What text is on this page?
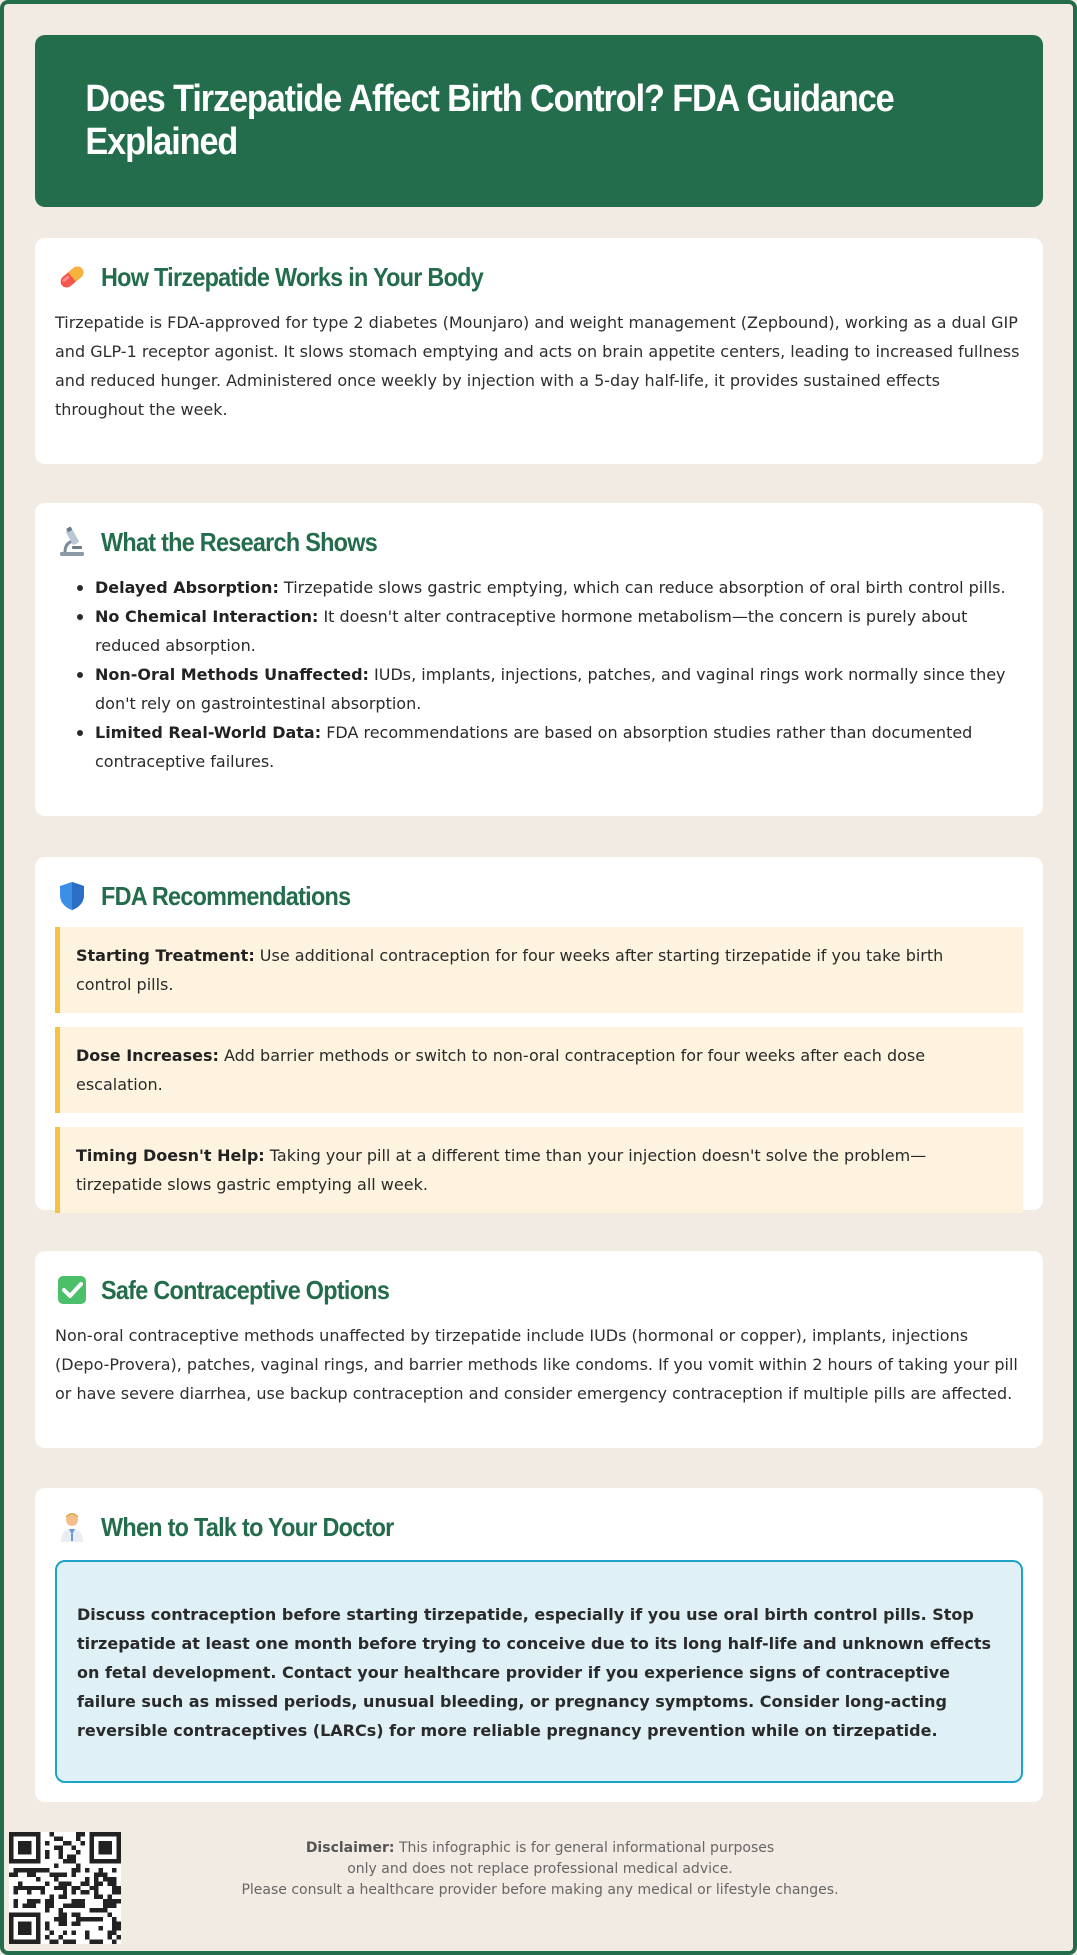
Does Tirzepatide Affect Birth Control? FDA Guidance Explained
How Tirzepatide Works in Your Body

Tirzepatide is FDA-approved for type 2 diabetes (Mounjaro) and weight management (Zepbound), working as a dual GIP and GLP-1 receptor agonist. It slows stomach emptying and acts on brain appetite centers, leading to increased fullness and reduced hunger. Administered once weekly by injection with a 5-day half-life, it provides sustained effects throughout the week.

What the Research Shows
Delayed Absorption: Tirzepatide slows gastric emptying, which can reduce absorption of oral birth control pills.
No Chemical Interaction: It doesn't alter contraceptive hormone metabolism—the concern is purely about reduced absorption.
Non-Oral Methods Unaffected: IUDs, implants, injections, patches, and vaginal rings work normally since they don't rely on gastrointestinal absorption.
Limited Real-World Data: FDA recommendations are based on absorption studies rather than documented contraceptive failures.
FDA Recommendations
Starting Treatment: Use additional contraception for four weeks after starting tirzepatide if you take birth control pills.
Dose Increases: Add barrier methods or switch to non-oral contraception for four weeks after each dose escalation.
Timing Doesn't Help: Taking your pill at a different time than your injection doesn't solve the problem—tirzepatide slows gastric emptying all week.
Safe Contraceptive Options

Non-oral contraceptive methods unaffected by tirzepatide include IUDs (hormonal or copper), implants, injections (Depo-Provera), patches, vaginal rings, and barrier methods like condoms. If you vomit within 2 hours of taking your pill or have severe diarrhea, use backup contraception and consider emergency contraception if multiple pills are affected.

When to Talk to Your Doctor
Discuss contraception before starting tirzepatide, especially if you use oral birth control pills. Stop tirzepatide at least one month before trying to conceive due to its long half-life and unknown effects on fetal development. Contact your healthcare provider if you experience signs of contraceptive failure such as missed periods, unusual bleeding, or pregnancy symptoms. Consider long-acting reversible contraceptives (LARCs) for more reliable pregnancy prevention while on tirzepatide.
Disclaimer: This infographic is for general informational purposes
only and does not replace professional medical advice.
Please consult a healthcare provider before making any medical or lifestyle changes.
